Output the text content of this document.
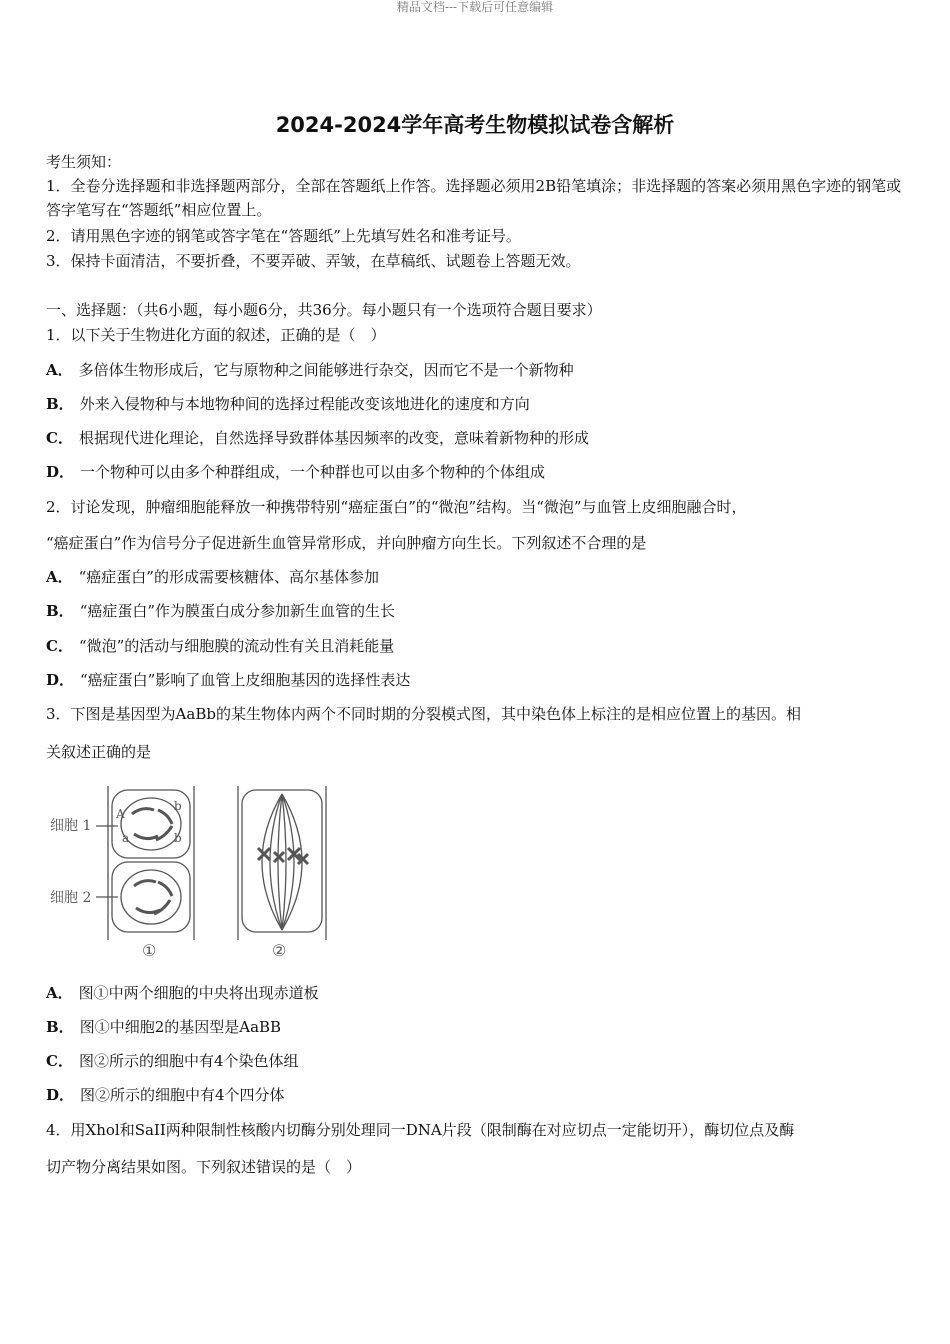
精品文档---下载后可任意编辑
2024-2024学年高考生物模拟试卷含解析
考生须知：
1．全卷分选择题和非选择题两部分，全部在答题纸上作答。选择题必须用2B铅笔填涂；非选择题的答案必须用黑色字迹的钢笔或答字笔写在“答题纸”相应位置上。
2．请用黑色字迹的钢笔或答字笔在“答题纸”上先填写姓名和准考证号。
3．保持卡面清洁，不要折叠，不要弄破、弄皱，在草稿纸、试题卷上答题无效。
一、选择题：（共6小题，每小题6分，共36分。每小题只有一个选项符合题目要求）
1．以下关于生物进化方面的叙述，正确的是（　）
A． 多倍体生物形成后，它与原物种之间能够进行杂交，因而它不是一个新物种
B． 外来入侵物种与本地物种间的选择过程能改变该地进化的速度和方向
C． 根据现代进化理论，自然选择导致群体基因频率的改变，意味着新物种的形成
D． 一个物种可以由多个种群组成，一个种群也可以由多个物种的个体组成
2．讨论发现，肿瘤细胞能释放一种携带特别“癌症蛋白”的“微泡”结构。当“微泡”与血管上皮细胞融合时，
“癌症蛋白”作为信号分子促进新生血管异常形成，并向肿瘤方向生长。下列叙述不合理的是
A． “癌症蛋白”的形成需要核糖体、高尔基体参加
B． “癌症蛋白”作为膜蛋白成分参加新生血管的生长
C． “微泡”的活动与细胞膜的流动性有关且消耗能量
D． “癌症蛋白”影响了血管上皮细胞基因的选择性表达
3．下图是基因型为AaBb的某生物体内两个不同时期的分裂模式图，其中染色体上标注的是相应位置上的基因。相
关叙述正确的是
细胞 1
细胞 2
A
a
b
b
①	②
A． 图①中两个细胞的中央将出现赤道板
B． 图①中细胞2的基因型是AaBB
C． 图②所示的细胞中有4个染色体组
D． 图②所示的细胞中有4个四分体
4．用Xhol和SaII两种限制性核酸内切酶分别处理同一DNA片段（限制酶在对应切点一定能切开），酶切位点及酶
切产物分离结果如图。下列叙述错误的是（　）
